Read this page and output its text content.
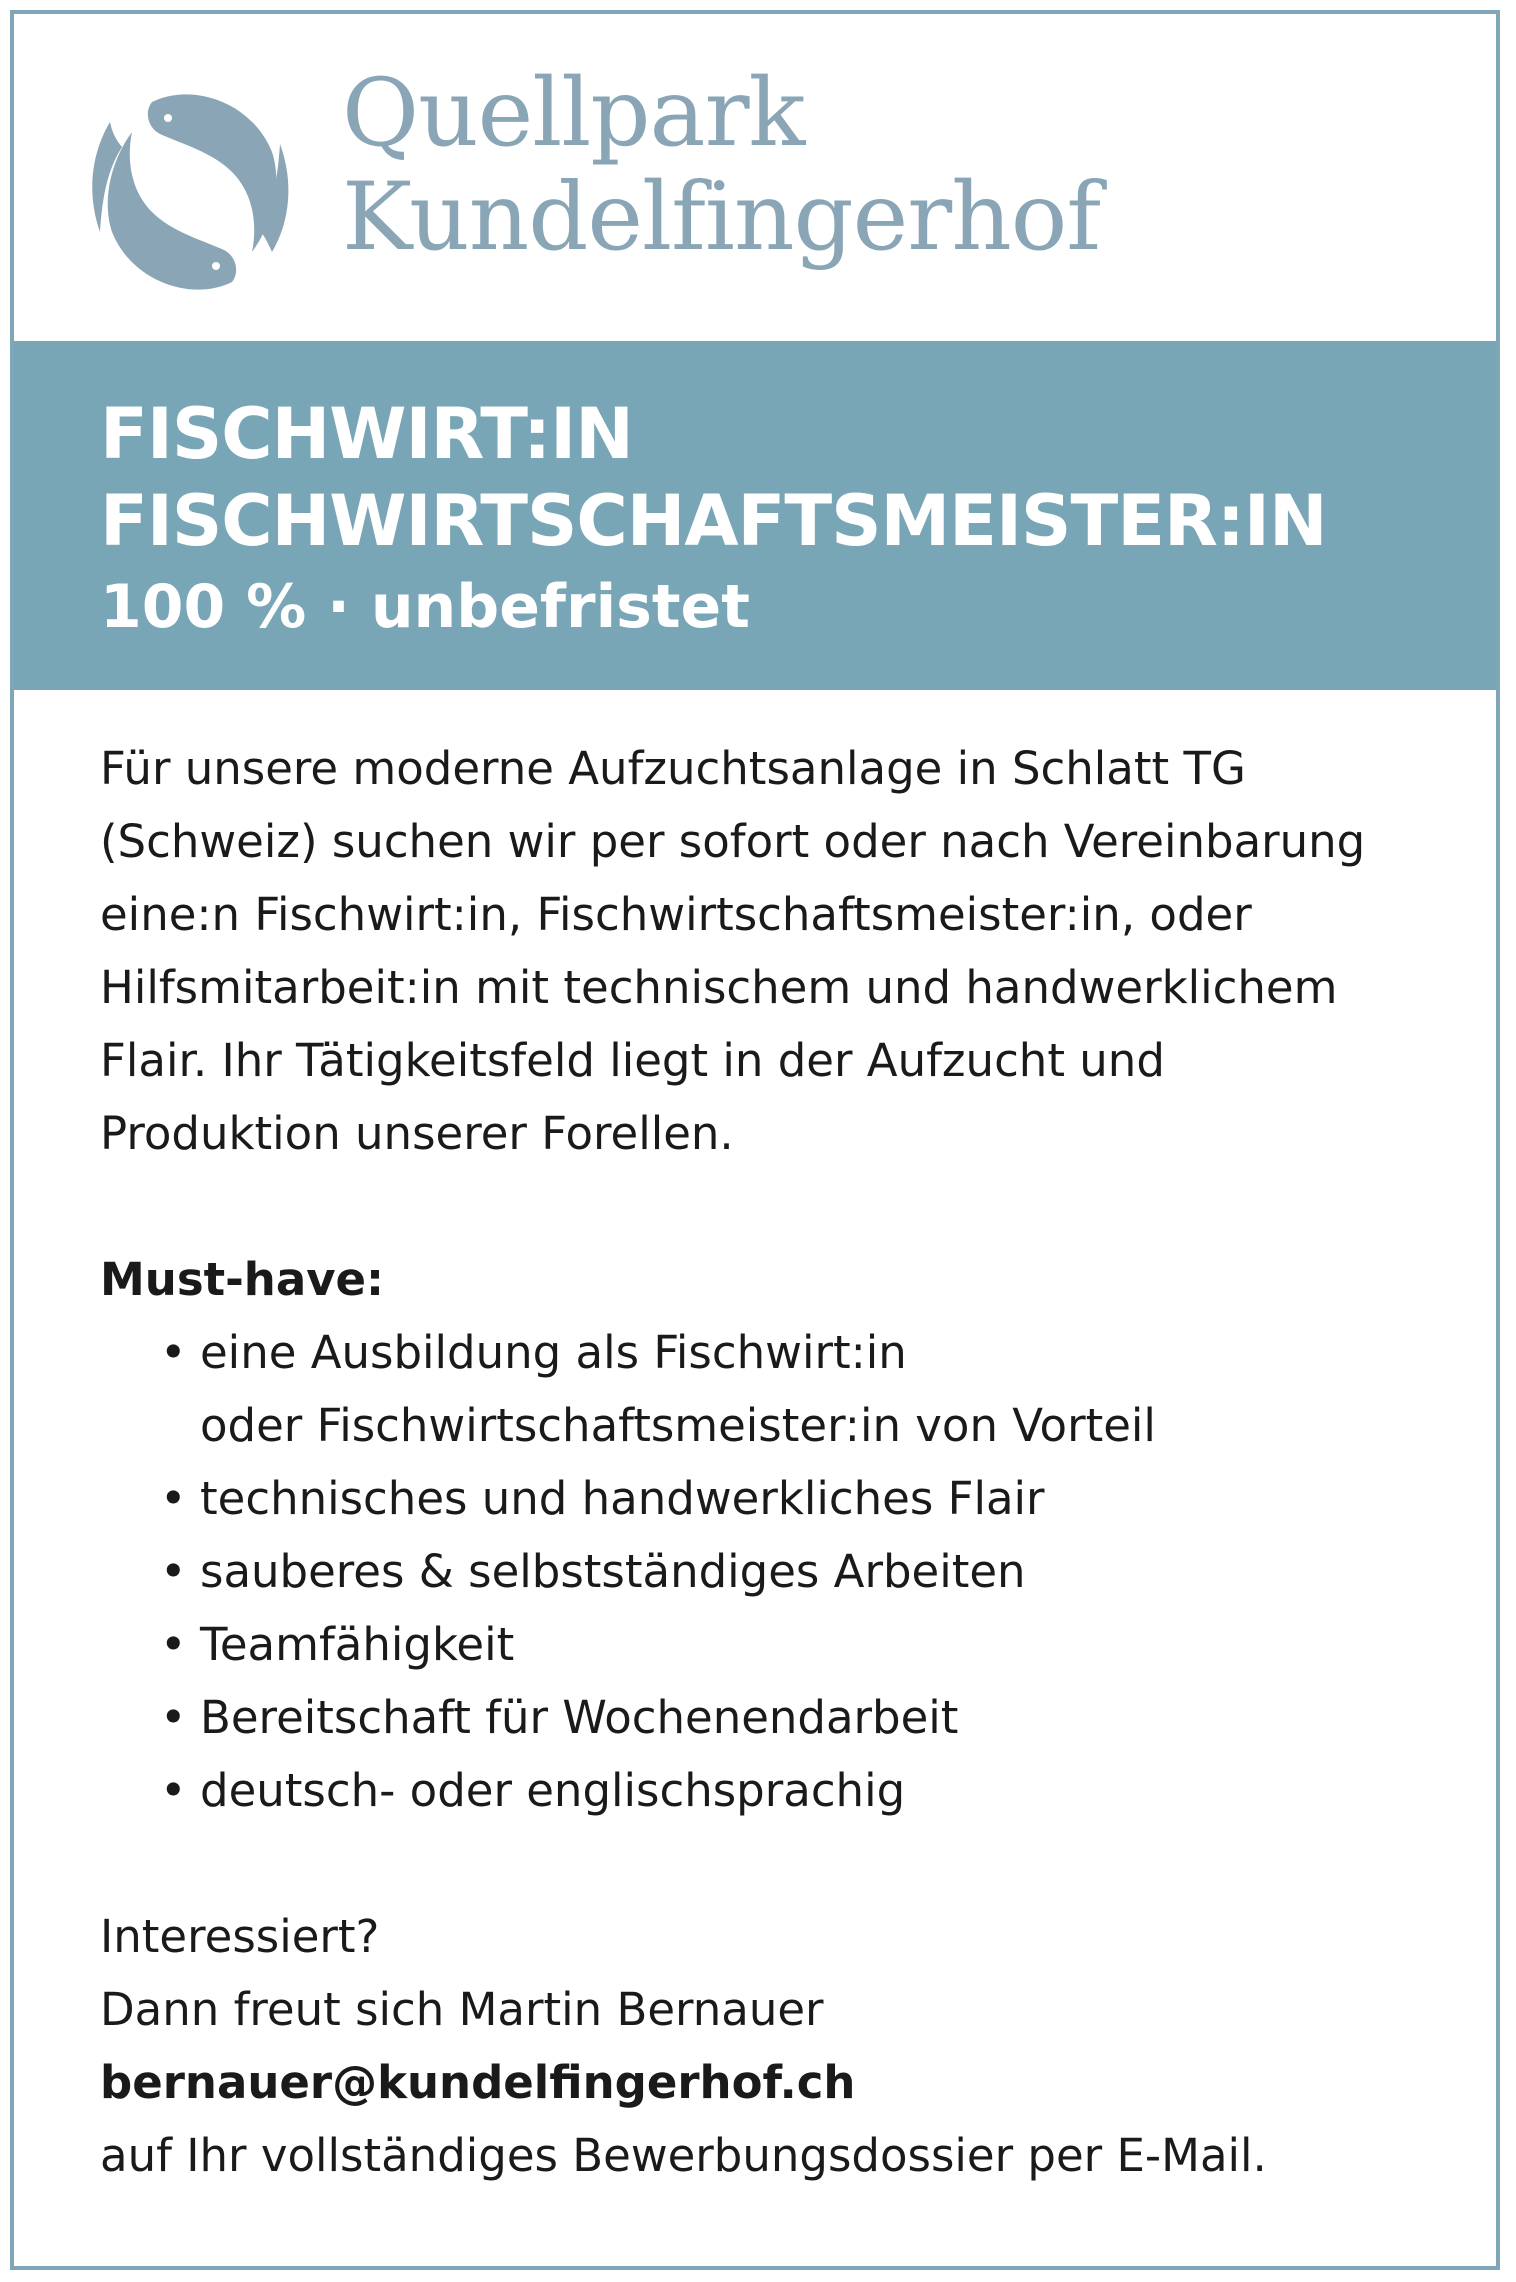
Quellpark
Kundelfingerhof
FISCHWIRT:IN
FISCHWIRTSCHAFTSMEISTER:IN
100 % · unbefristet

Für unsere moderne Aufzuchtsanlage in Schlatt TG
(Schweiz) suchen wir per sofort oder nach Vereinbarung
eine:n Fischwirt:in, Fischwirtschaftsmeister:in, oder
Hilfsmitarbeit:in mit technischem und handwerklichem
Flair. Ihr Tätigkeitsfeld liegt in der Aufzucht und
Produktion unserer Forellen.

Must-have:
• eine Ausbildung als Fischwirt:in
oder Fischwirtschaftsmeister:in von Vorteil
• technisches und handwerkliches Flair
• sauberes & selbstständiges Arbeiten
• Teamfähigkeit
• Bereitschaft für Wochenendarbeit
• deutsch- oder englischsprachig
Interessiert?
Dann freut sich Martin Bernauer
bernauer@kundelfingerhof.ch
auf Ihr vollständiges Bewerbungsdossier per E-Mail.
